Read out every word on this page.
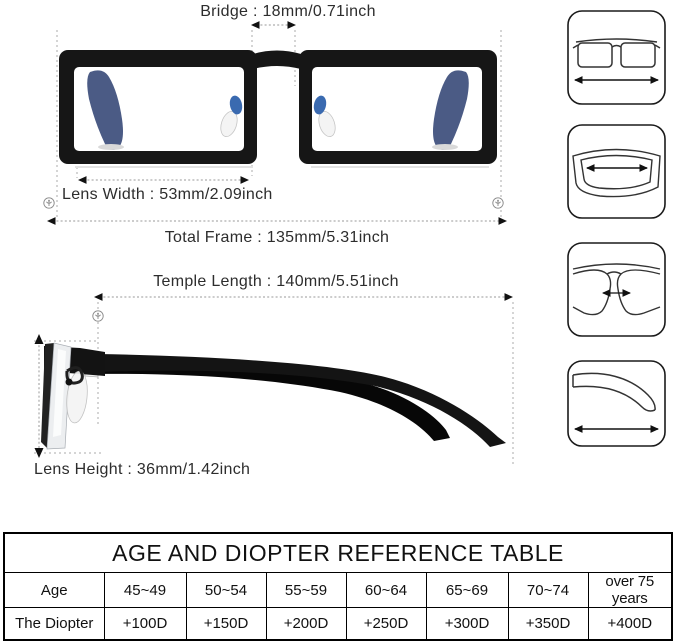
Bridge : 18mm/0.71inch
Lens Width : 53mm/2.09inch
Total Frame : 135mm/5.31inch
Temple Length : 140mm/5.51inch
Lens Height : 36mm/1.42inch
AGE AND DIOPTER REFERENCE TABLE							
Age	45~49	50~54	55~59	60~64	65~69	70~74	over 75 years
The Diopter	+100D	+150D	+200D	+250D	+300D	+350D	+400D
